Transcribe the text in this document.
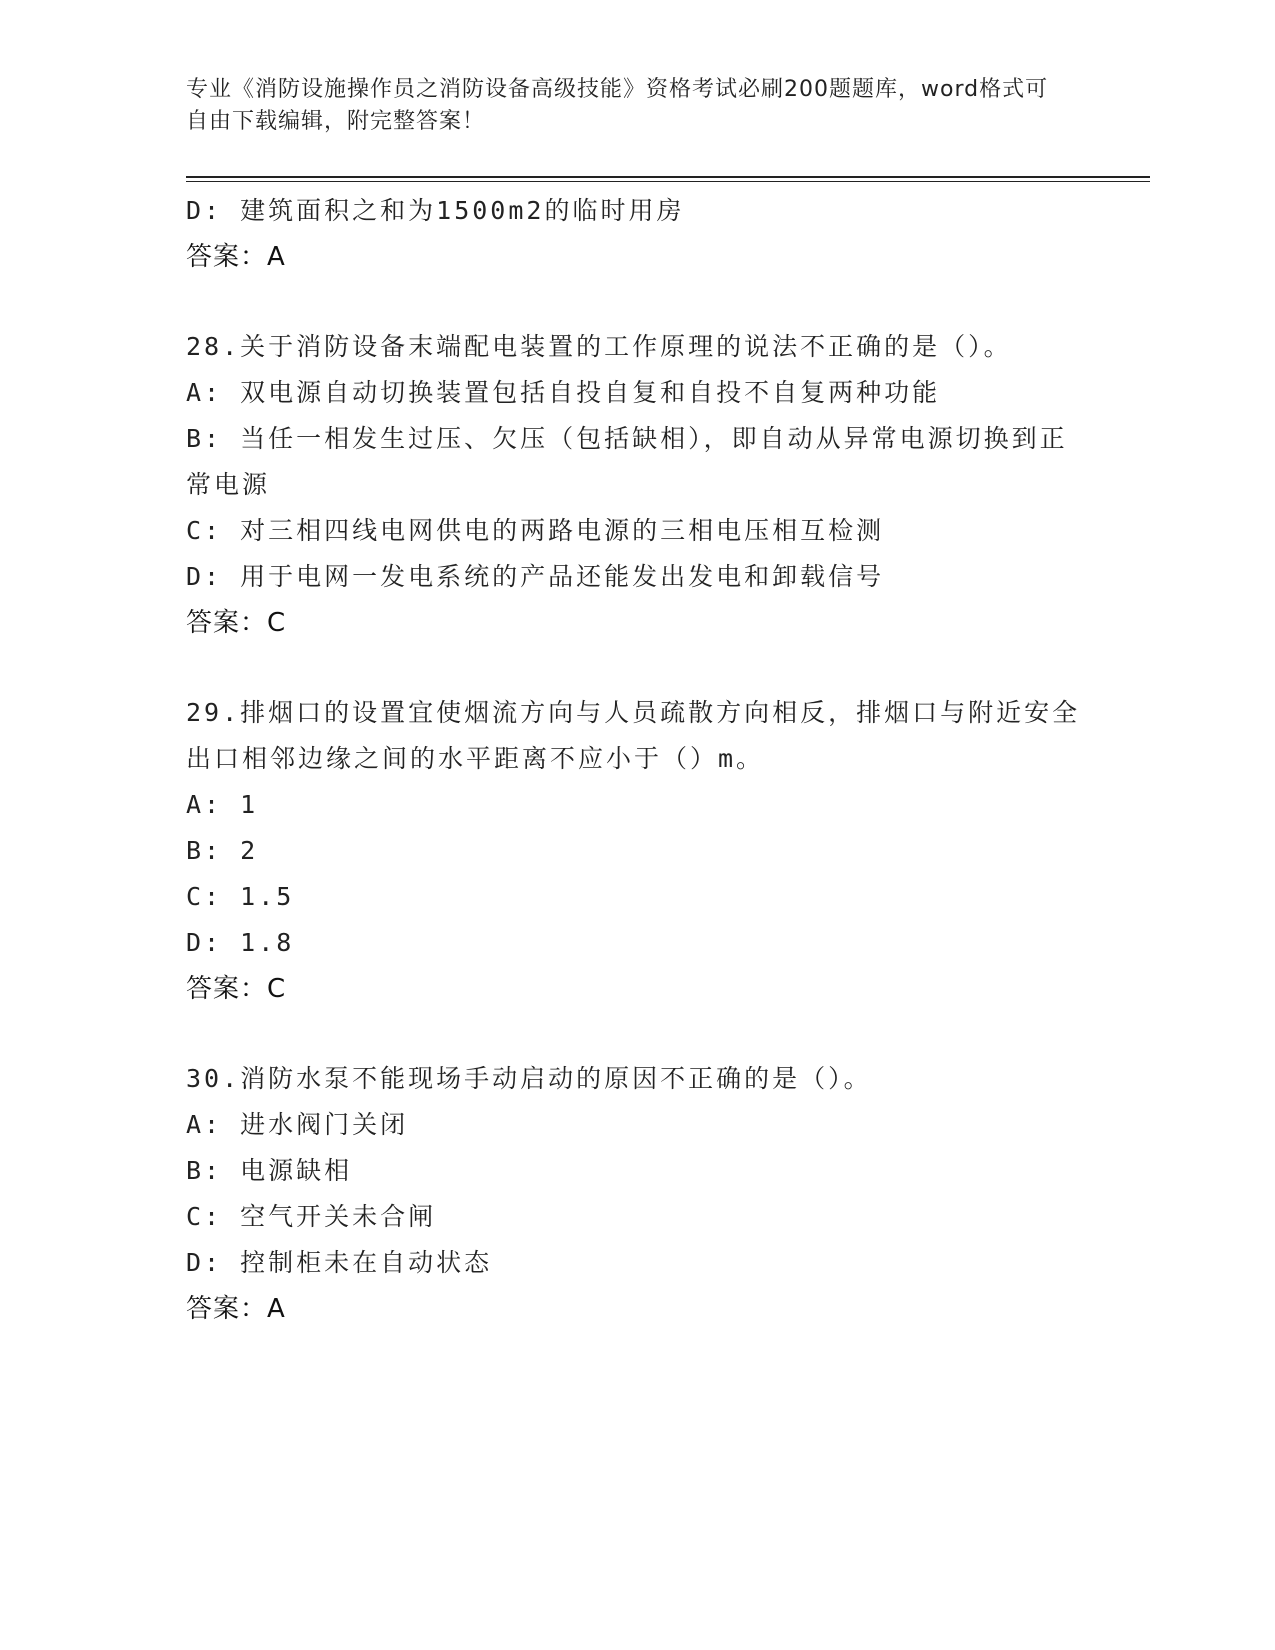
专业《消防设施操作员之消防设备高级技能》资格考试必刷200题题库，word格式可自由下载编辑，附完整答案！
D: 建筑面积之和为1500m2的临时用房
答案：A
28.关于消防设备末端配电装置的工作原理的说法不正确的是（）。
A: 双电源自动切换装置包括自投自复和自投不自复两种功能
B: 当任一相发生过压、欠压（包括缺相），即自动从异常电源切换到正常电源
C: 对三相四线电网供电的两路电源的三相电压相互检测
D: 用于电网一发电系统的产品还能发出发电和卸载信号
答案：C
29.排烟口的设置宜使烟流方向与人员疏散方向相反，排烟口与附近安全出口相邻边缘之间的水平距离不应小于（）m。
A: 1
B: 2
C: 1.5
D: 1.8
答案：C
30.消防水泵不能现场手动启动的原因不正确的是（）。
A: 进水阀门关闭
B: 电源缺相
C: 空气开关未合闸
D: 控制柜未在自动状态
答案：A
